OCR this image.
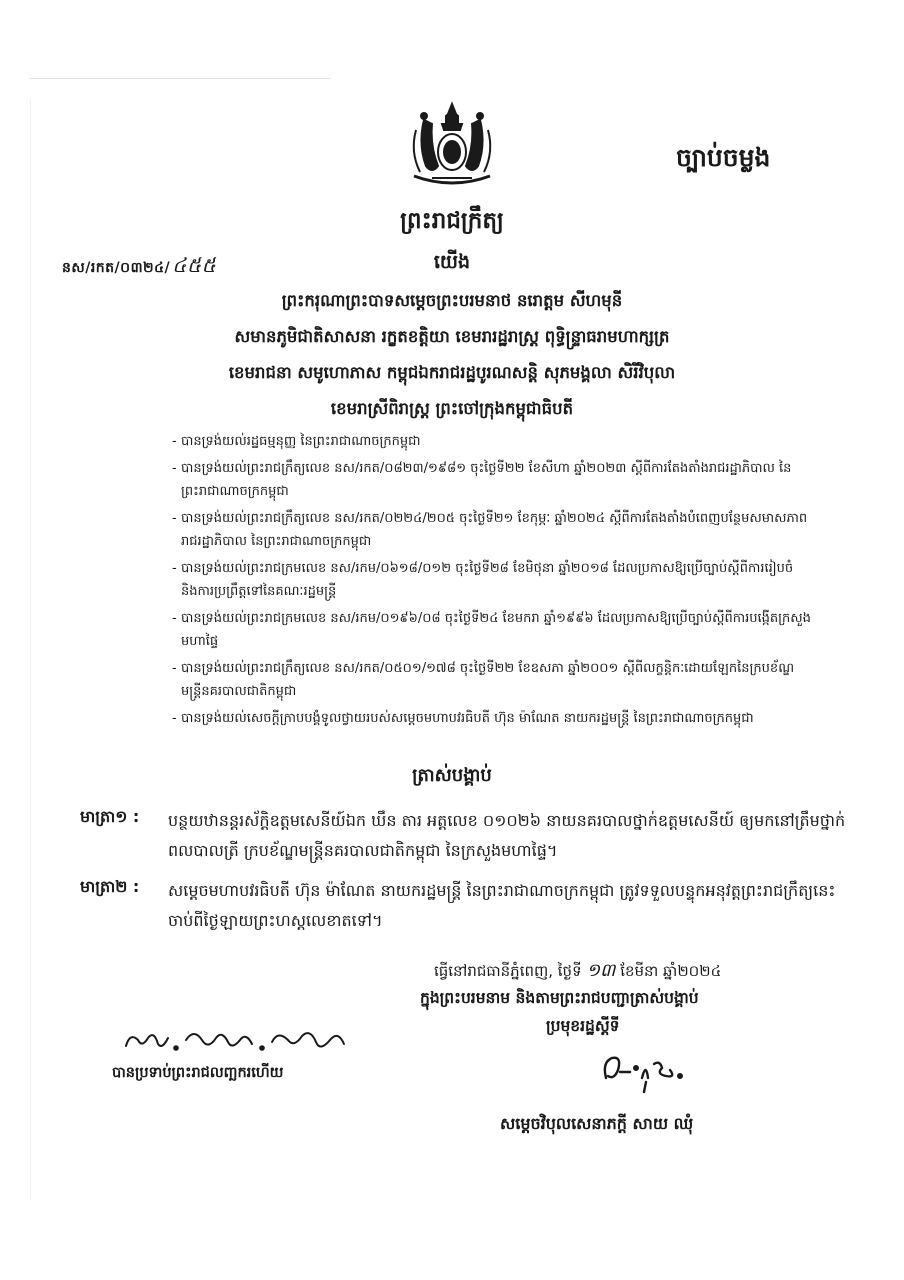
ច្បាប់ចម្លង
ព្រះរាជក្រឹត្យ
នស/រកត/០៣២៤/ ៤៥៥	យើង
ព្រះករុណាព្រះបាទសម្តេចព្រះបរមនាថ នរោត្តម សីហមុនី
សមានភូមិជាតិសាសនា រក្ខតខត្តិយា ខេមរារដ្ឋរាស្ត្រ ពុទ្ធិន្ទ្រាធរាមហាក្សត្រ
ខេមរាជនា សមូហោភាស កម្ពុជឯករាជរដ្ឋបូរណសន្តិ សុភមង្គលា សិរីវិបុលា
ខេមរាស្រីពិរាស្ត្រ ព្រះចៅក្រុងកម្ពុជាធិបតី
- បានទ្រង់យល់រដ្ឋធម្មនុញ្ញ នៃព្រះរាជាណាចក្រកម្ពុជា
- បានទ្រង់យល់ព្រះរាជក្រឹត្យលេខ នស/រកត/០៨២៣/១៩៨១ ចុះថ្ងៃទី២២ ខែសីហា ឆ្នាំ២០២៣ ស្តីពីការតែងតាំងរាជរដ្ឋាភិបាល នៃព្រះរាជាណាចក្រកម្ពុជា
- បានទ្រង់យល់ព្រះរាជក្រឹត្យលេខ នស/រកត/០២២៤/២០៥ ចុះថ្ងៃទី២១ ខែកុម្ភៈ ឆ្នាំ២០២៤ ស្តីពីការតែងតាំងបំពេញបន្ថែមសមាសភាពរាជរដ្ឋាភិបាល នៃព្រះរាជាណាចក្រកម្ពុជា
- បានទ្រង់យល់ព្រះរាជក្រមលេខ នស/រកម/០៦១៨/០១២ ចុះថ្ងៃទី២៨ ខែមិថុនា ឆ្នាំ២០១៨ ដែលប្រកាសឱ្យប្រើច្បាប់ស្តីពីការរៀបចំ និងការប្រព្រឹត្តទៅនៃគណៈរដ្ឋមន្ត្រី
- បានទ្រង់យល់ព្រះរាជក្រមលេខ នស/រកម/០១៩៦/០៨ ចុះថ្ងៃទី២៤ ខែមករា ឆ្នាំ១៩៩៦ ដែលប្រកាសឱ្យប្រើច្បាប់ស្តីពីការបង្កើតក្រសួងមហាផ្ទៃ
- បានទ្រង់យល់ព្រះរាជក្រឹត្យលេខ នស/រកត/០៥០១/១៧៨ ចុះថ្ងៃទី២២ ខែឧសភា ឆ្នាំ២០០១ ស្តីពីលក្ខន្តិកៈដោយឡែកនៃក្របខ័ណ្ឌមន្ត្រីនគរបាលជាតិកម្ពុជា
- បានទ្រង់យល់សេចក្តីក្រាបបង្គំទូលថ្វាយរបស់សម្តេចមហាបវរធិបតី ហ៊ុន ម៉ាណែត នាយករដ្ឋមន្ត្រី នៃព្រះរាជាណាចក្រកម្ពុជា
ត្រាស់បង្គាប់
មាត្រា១ : បន្ថយឋានន្តរស័ក្តិឧត្តមសេនីយ៍ឯក ឃឹន តារ អត្តលេខ ០១០២៦ នាយនគរបាលថ្នាក់ឧត្តមសេនីយ៍ ឲ្យមកនៅត្រឹមថ្នាក់ ពលបាលត្រី ក្របខ័ណ្ឌមន្ត្រីនគរបាលជាតិកម្ពុជា នៃក្រសួងមហាផ្ទៃ។
មាត្រា២ : សម្តេចមហាបវរធិបតី ហ៊ុន ម៉ាណែត នាយករដ្ឋមន្ត្រី នៃព្រះរាជាណាចក្រកម្ពុជា ត្រូវទទួលបន្ទុកអនុវត្តព្រះរាជក្រឹត្យនេះ ចាប់ពីថ្ងៃឡាយព្រះហស្តលេខាតទៅ។
ធ្វើនៅរាជធានីភ្នំពេញ, ថ្ងៃទី ១៣ ខែមីនា ឆ្នាំ២០២៤
ក្នុងព្រះបរមនាម និងតាមព្រះរាជបញ្ជាត្រាស់បង្គាប់
ប្រមុខរដ្ឋស្តីទី
សម្តេចវិបុលសេនាភក្តី សាយ ឈុំ
បានប្រទាប់ព្រះរាជលញ្ឆករហើយ
